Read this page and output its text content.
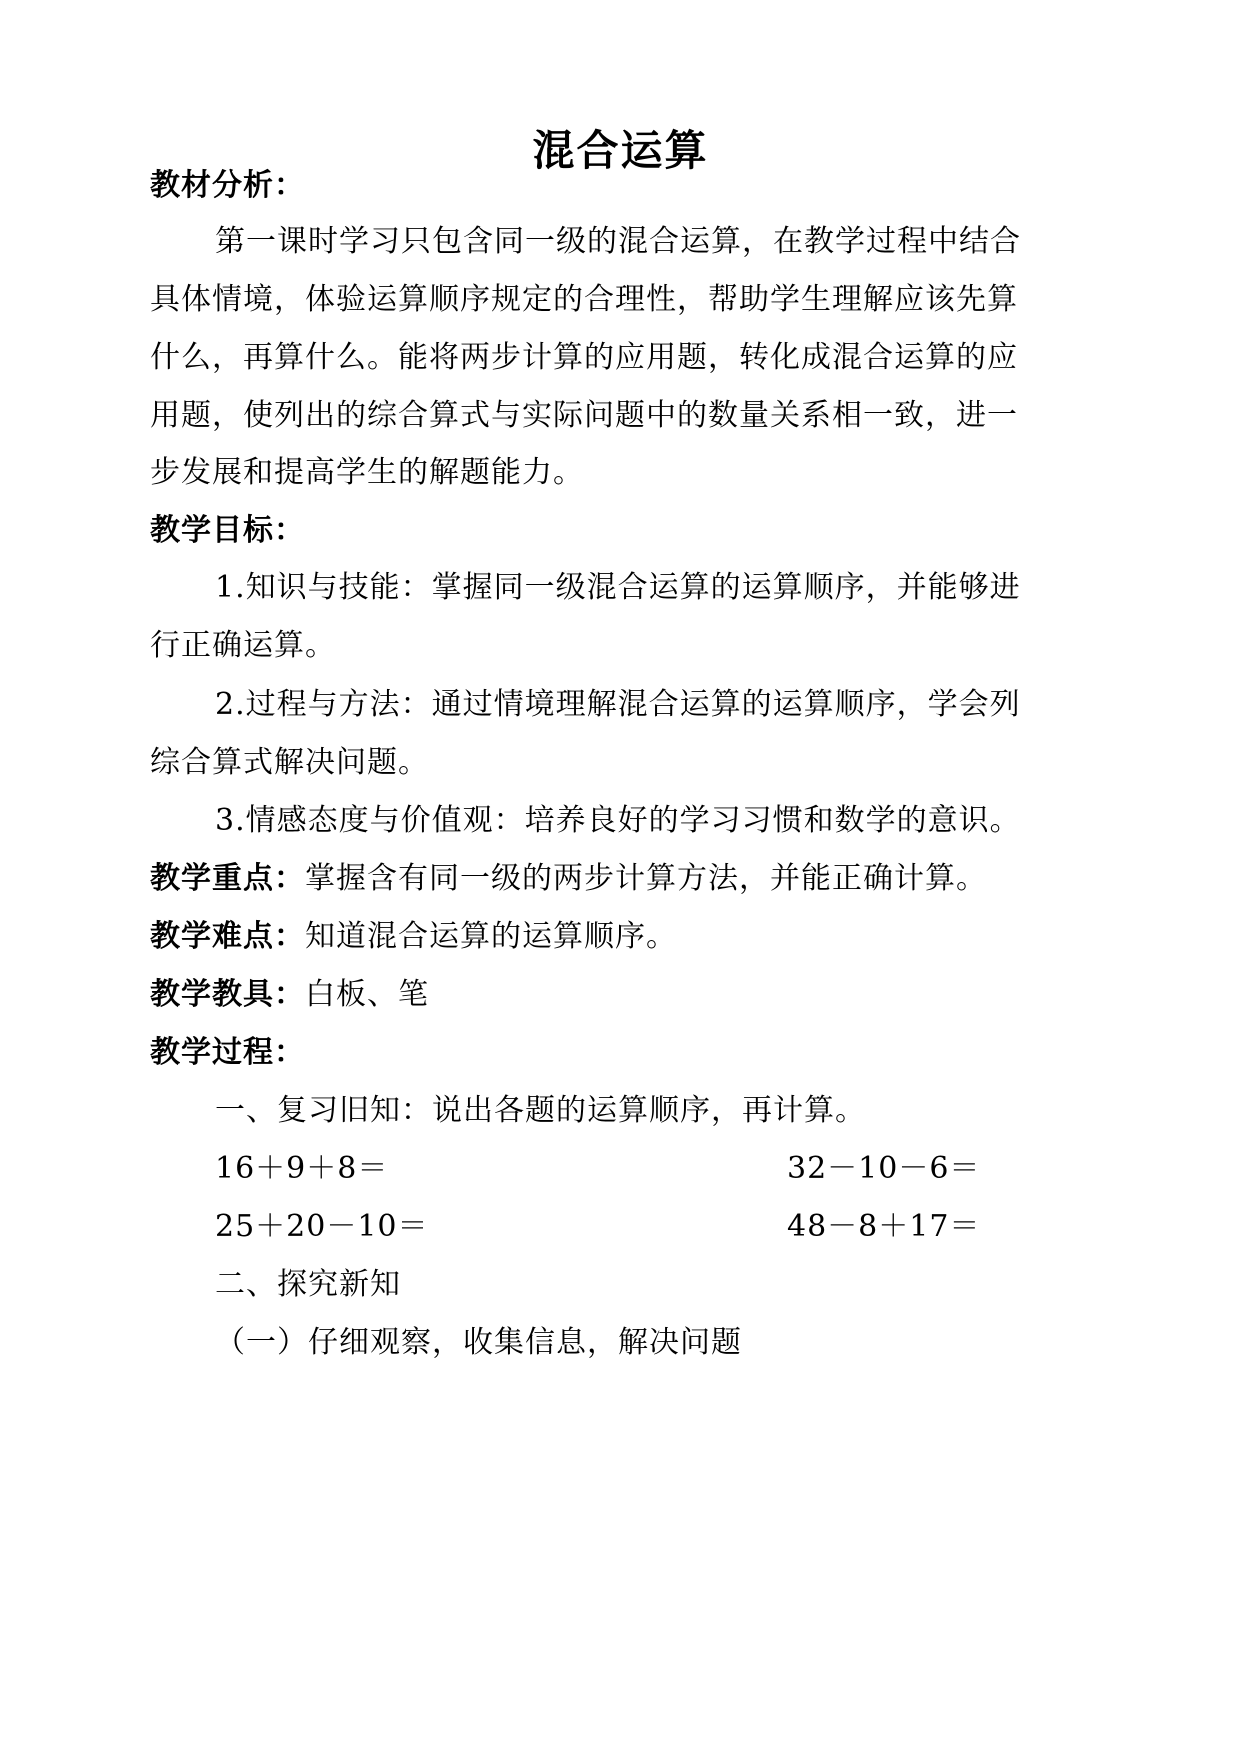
混合运算
教材分析：
第一课时学习只包含同一级的混合运算，在教学过程中结合
具体情境，体验运算顺序规定的合理性，帮助学生理解应该先算
什么，再算什么。能将两步计算的应用题，转化成混合运算的应
用题，使列出的综合算式与实际问题中的数量关系相一致，进一
步发展和提高学生的解题能力。
教学目标：
1.知识与技能：掌握同一级混合运算的运算顺序，并能够进
行正确运算。
2.过程与方法：通过情境理解混合运算的运算顺序，学会列
综合算式解决问题。
3.情感态度与价值观：培养良好的学习习惯和数学的意识。
教学重点：掌握含有同一级的两步计算方法，并能正确计算。
教学难点：知道混合运算的运算顺序。
教学教具：白板、笔
教学过程：
一、复习旧知：说出各题的运算顺序，再计算。
16＋9＋8＝	32－10－6＝
25＋20－10＝	48－8＋17＝
二、探究新知
（一）仔细观察，收集信息，解决问题
